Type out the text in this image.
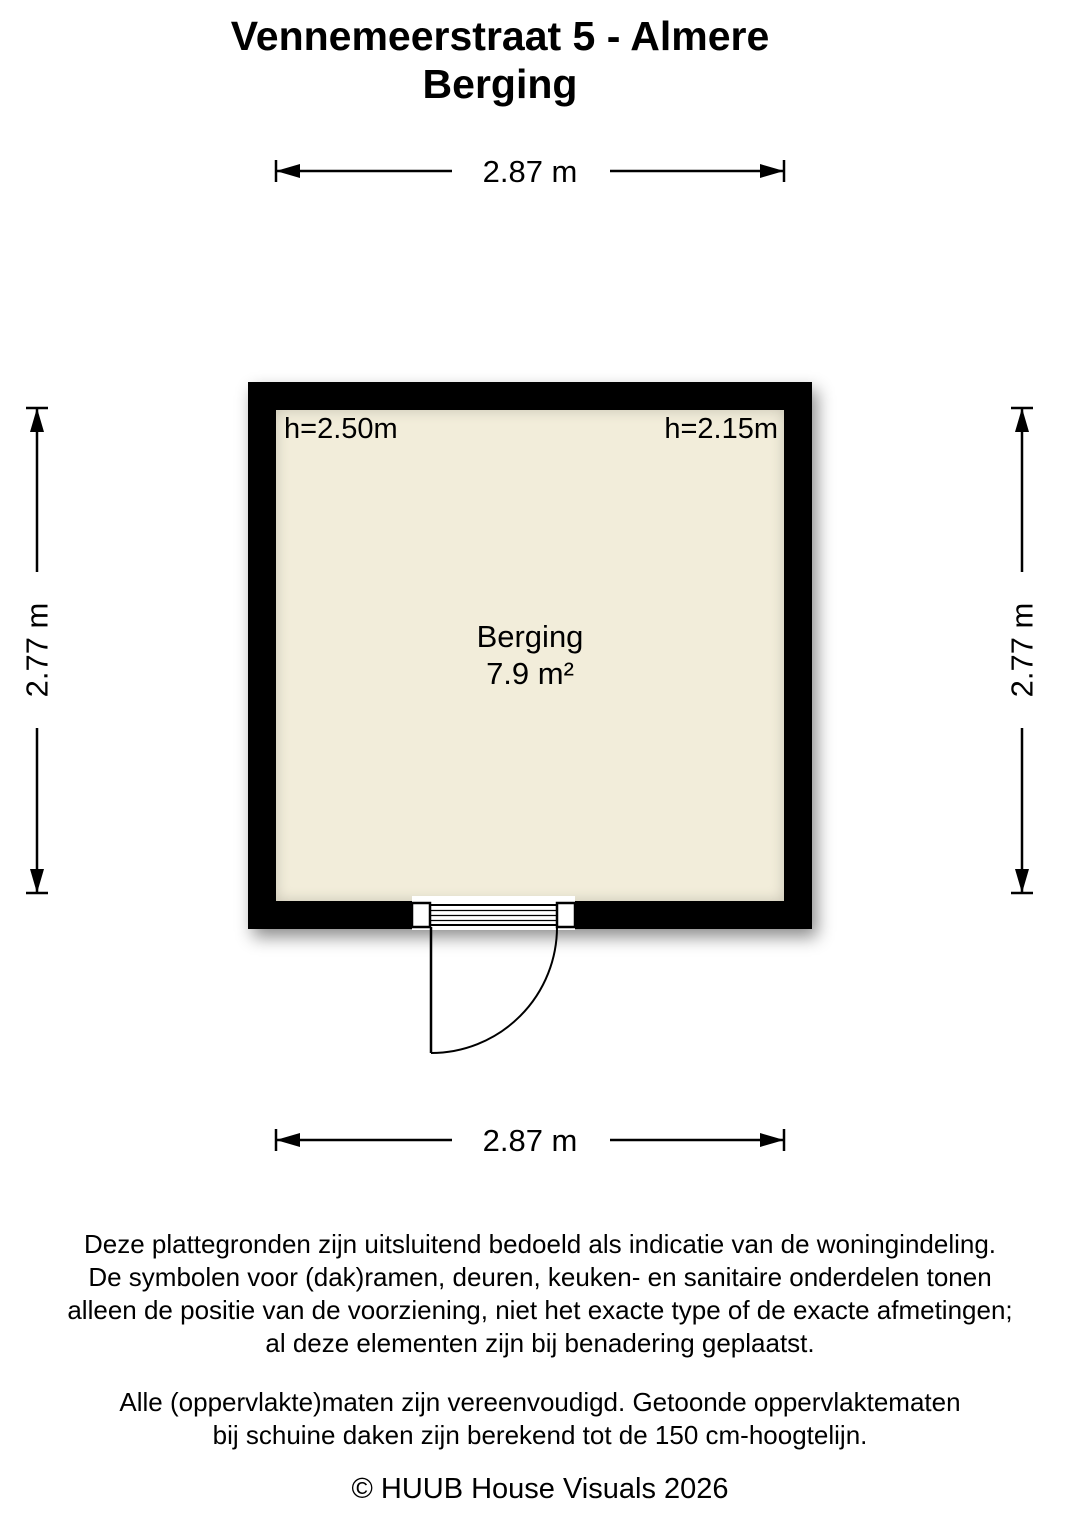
Vennemeerstraat 5 - Almere
Berging
2.87 m
2.87 m
2.77 m	2.77 m
h=2.50m	h=2.15m
Berging
7.9 m²
Deze plattegronden zijn uitsluitend bedoeld als indicatie van de woningindeling.
De symbolen voor (dak)ramen, deuren, keuken- en sanitaire onderdelen tonen
alleen de positie van de voorziening, niet het exacte type of de exacte afmetingen;
al deze elementen zijn bij benadering geplaatst.
Alle (oppervlakte)maten zijn vereenvoudigd. Getoonde oppervlaktematen
bij schuine daken zijn berekend tot de 150 cm-hoogtelijn.
© HUUB House Visuals 2026
